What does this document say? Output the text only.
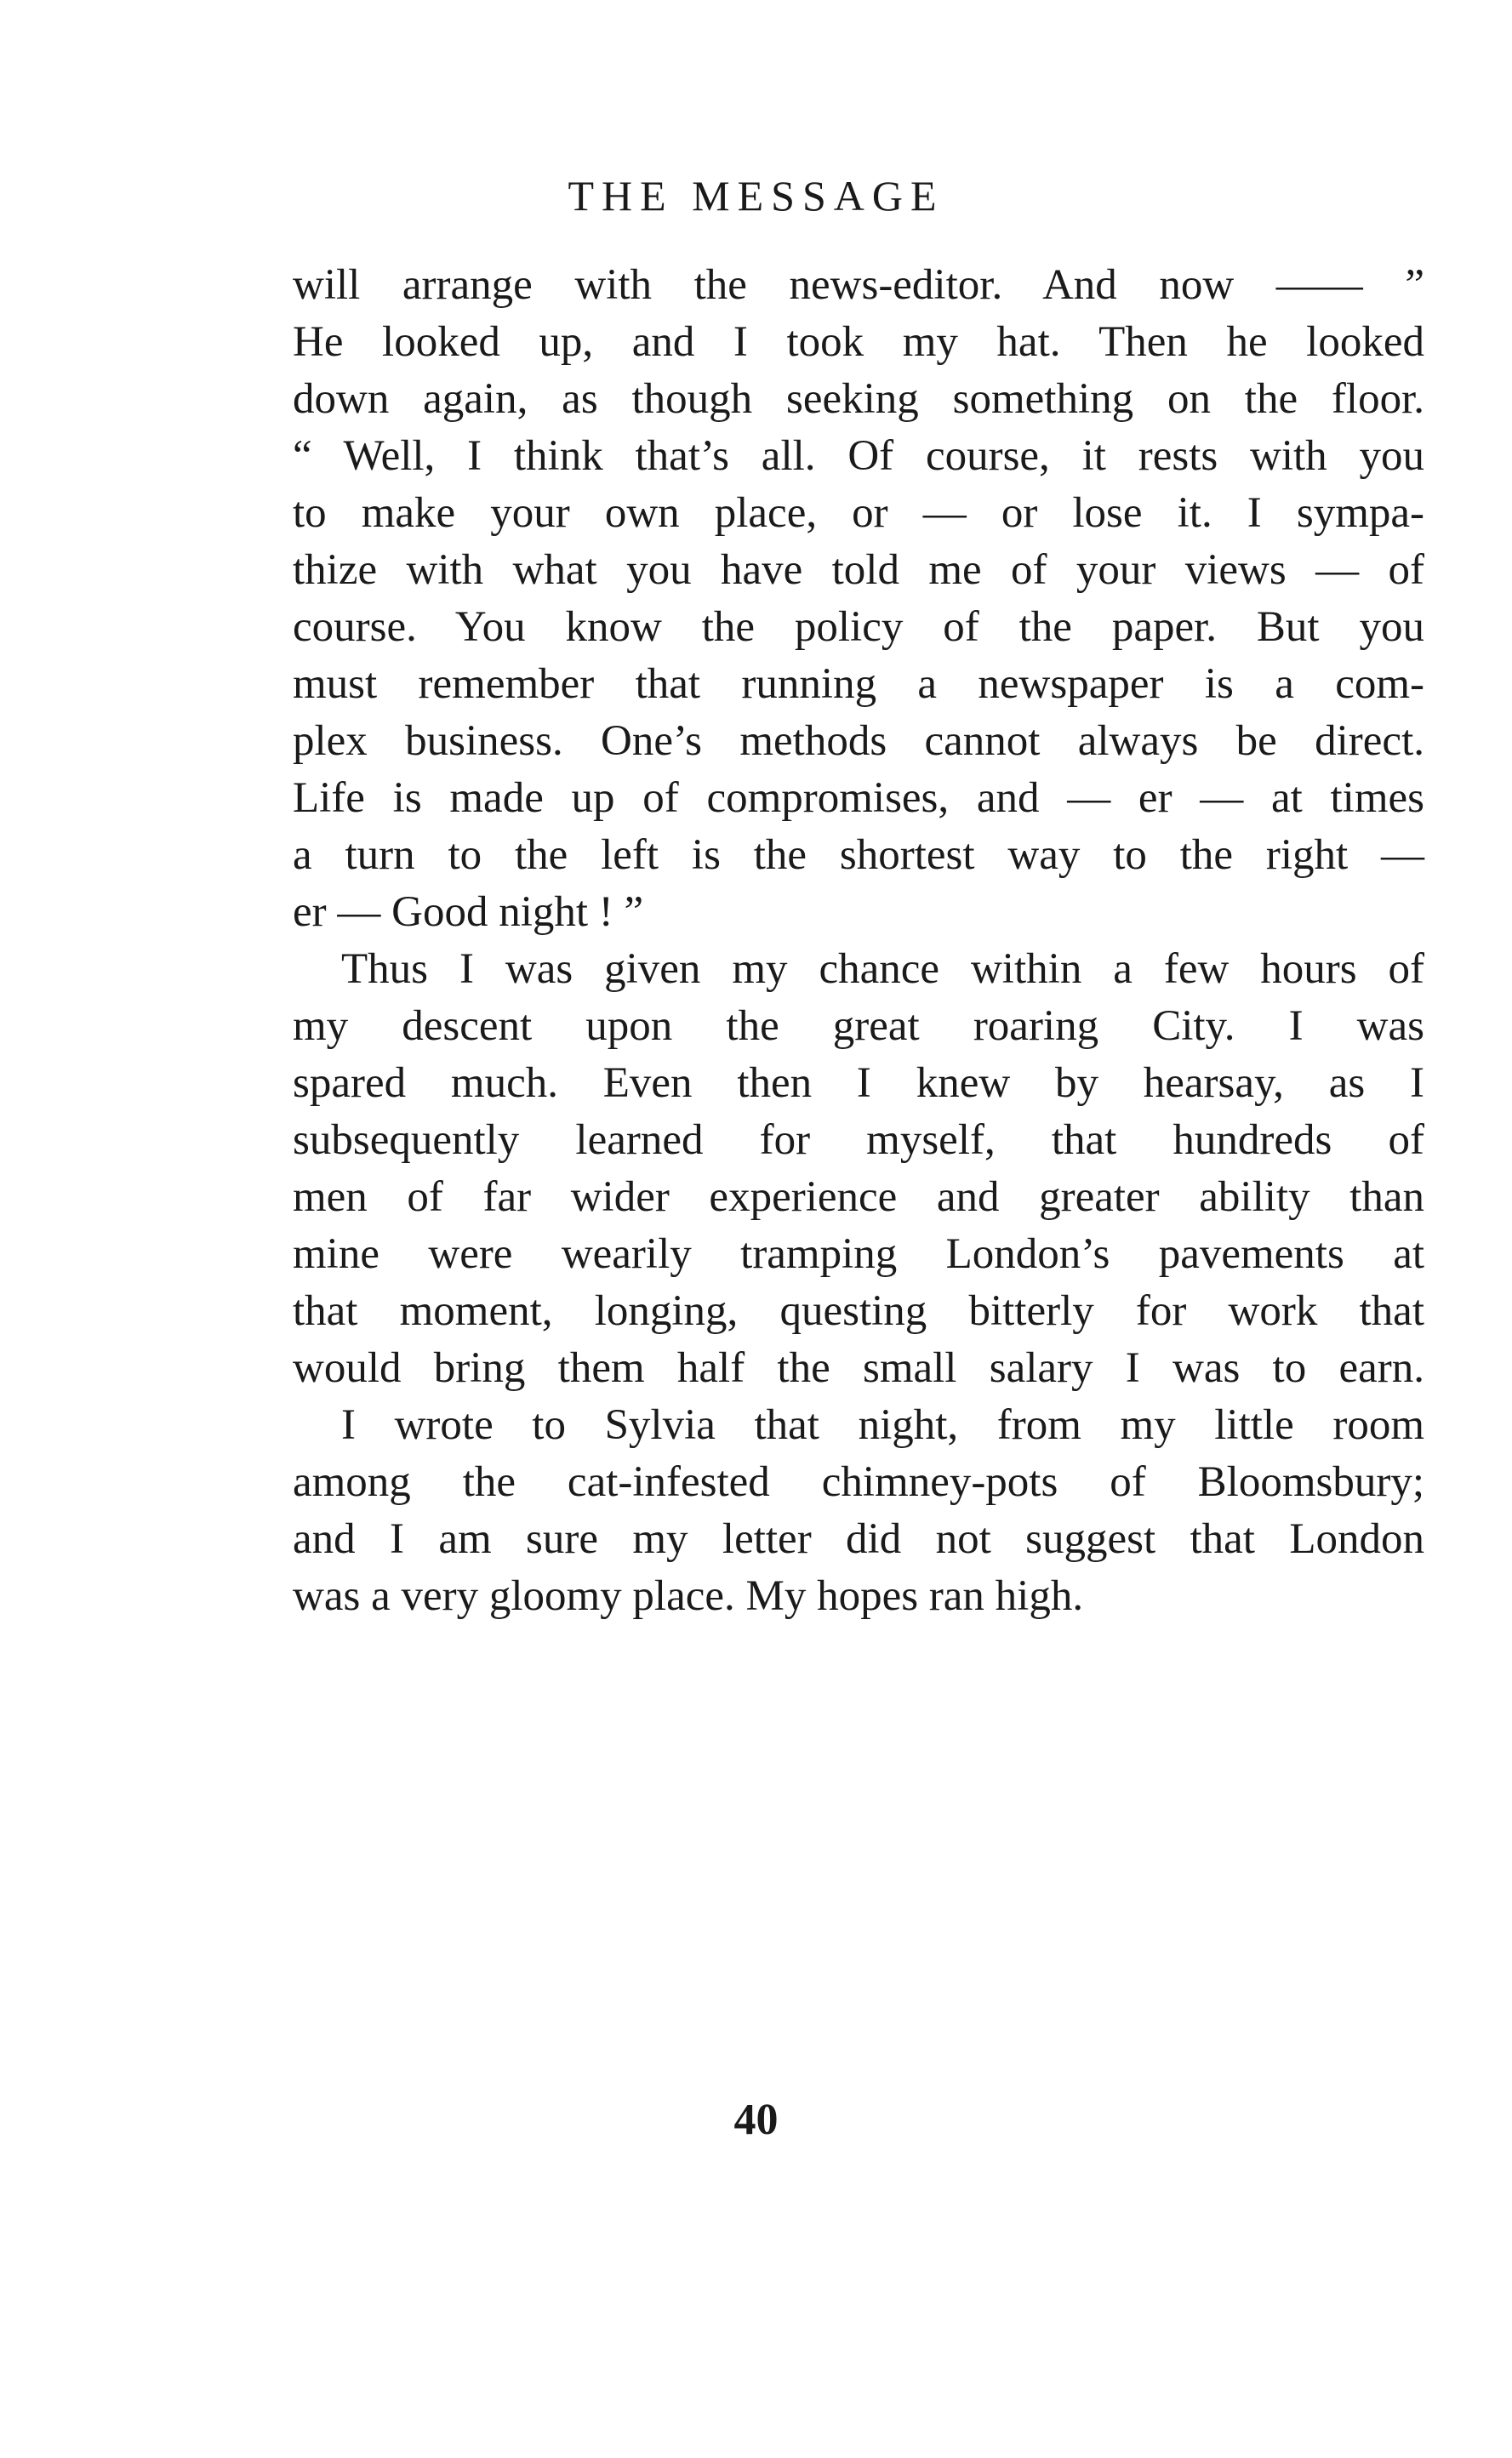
THE MESSAGE
will arrange with the news-editor. And now —— ”
He looked up, and I took my hat. Then he looked
down again, as though seeking something on the floor.
“ Well, I think that’s all. Of course, it rests with you
to make your own place, or — or lose it. I sympa-
thize with what you have told me of your views — of
course. You know the policy of the paper. But you
must remember that running a newspaper is a com-
plex business. One’s methods cannot always be direct.
Life is made up of compromises, and — er — at times
a turn to the left is the shortest way to the right —
er — Good night ! ”
Thus I was given my chance within a few hours of
my descent upon the great roaring City. I was
spared much. Even then I knew by hearsay, as I
subsequently learned for myself, that hundreds of
men of far wider experience and greater ability than
mine were wearily tramping London’s pavements at
that moment, longing, questing bitterly for work that
would bring them half the small salary I was to earn.
I wrote to Sylvia that night, from my little room
among the cat-infested chimney-pots of Bloomsbury;
and I am sure my letter did not suggest that London
was a very gloomy place. My hopes ran high.
40
